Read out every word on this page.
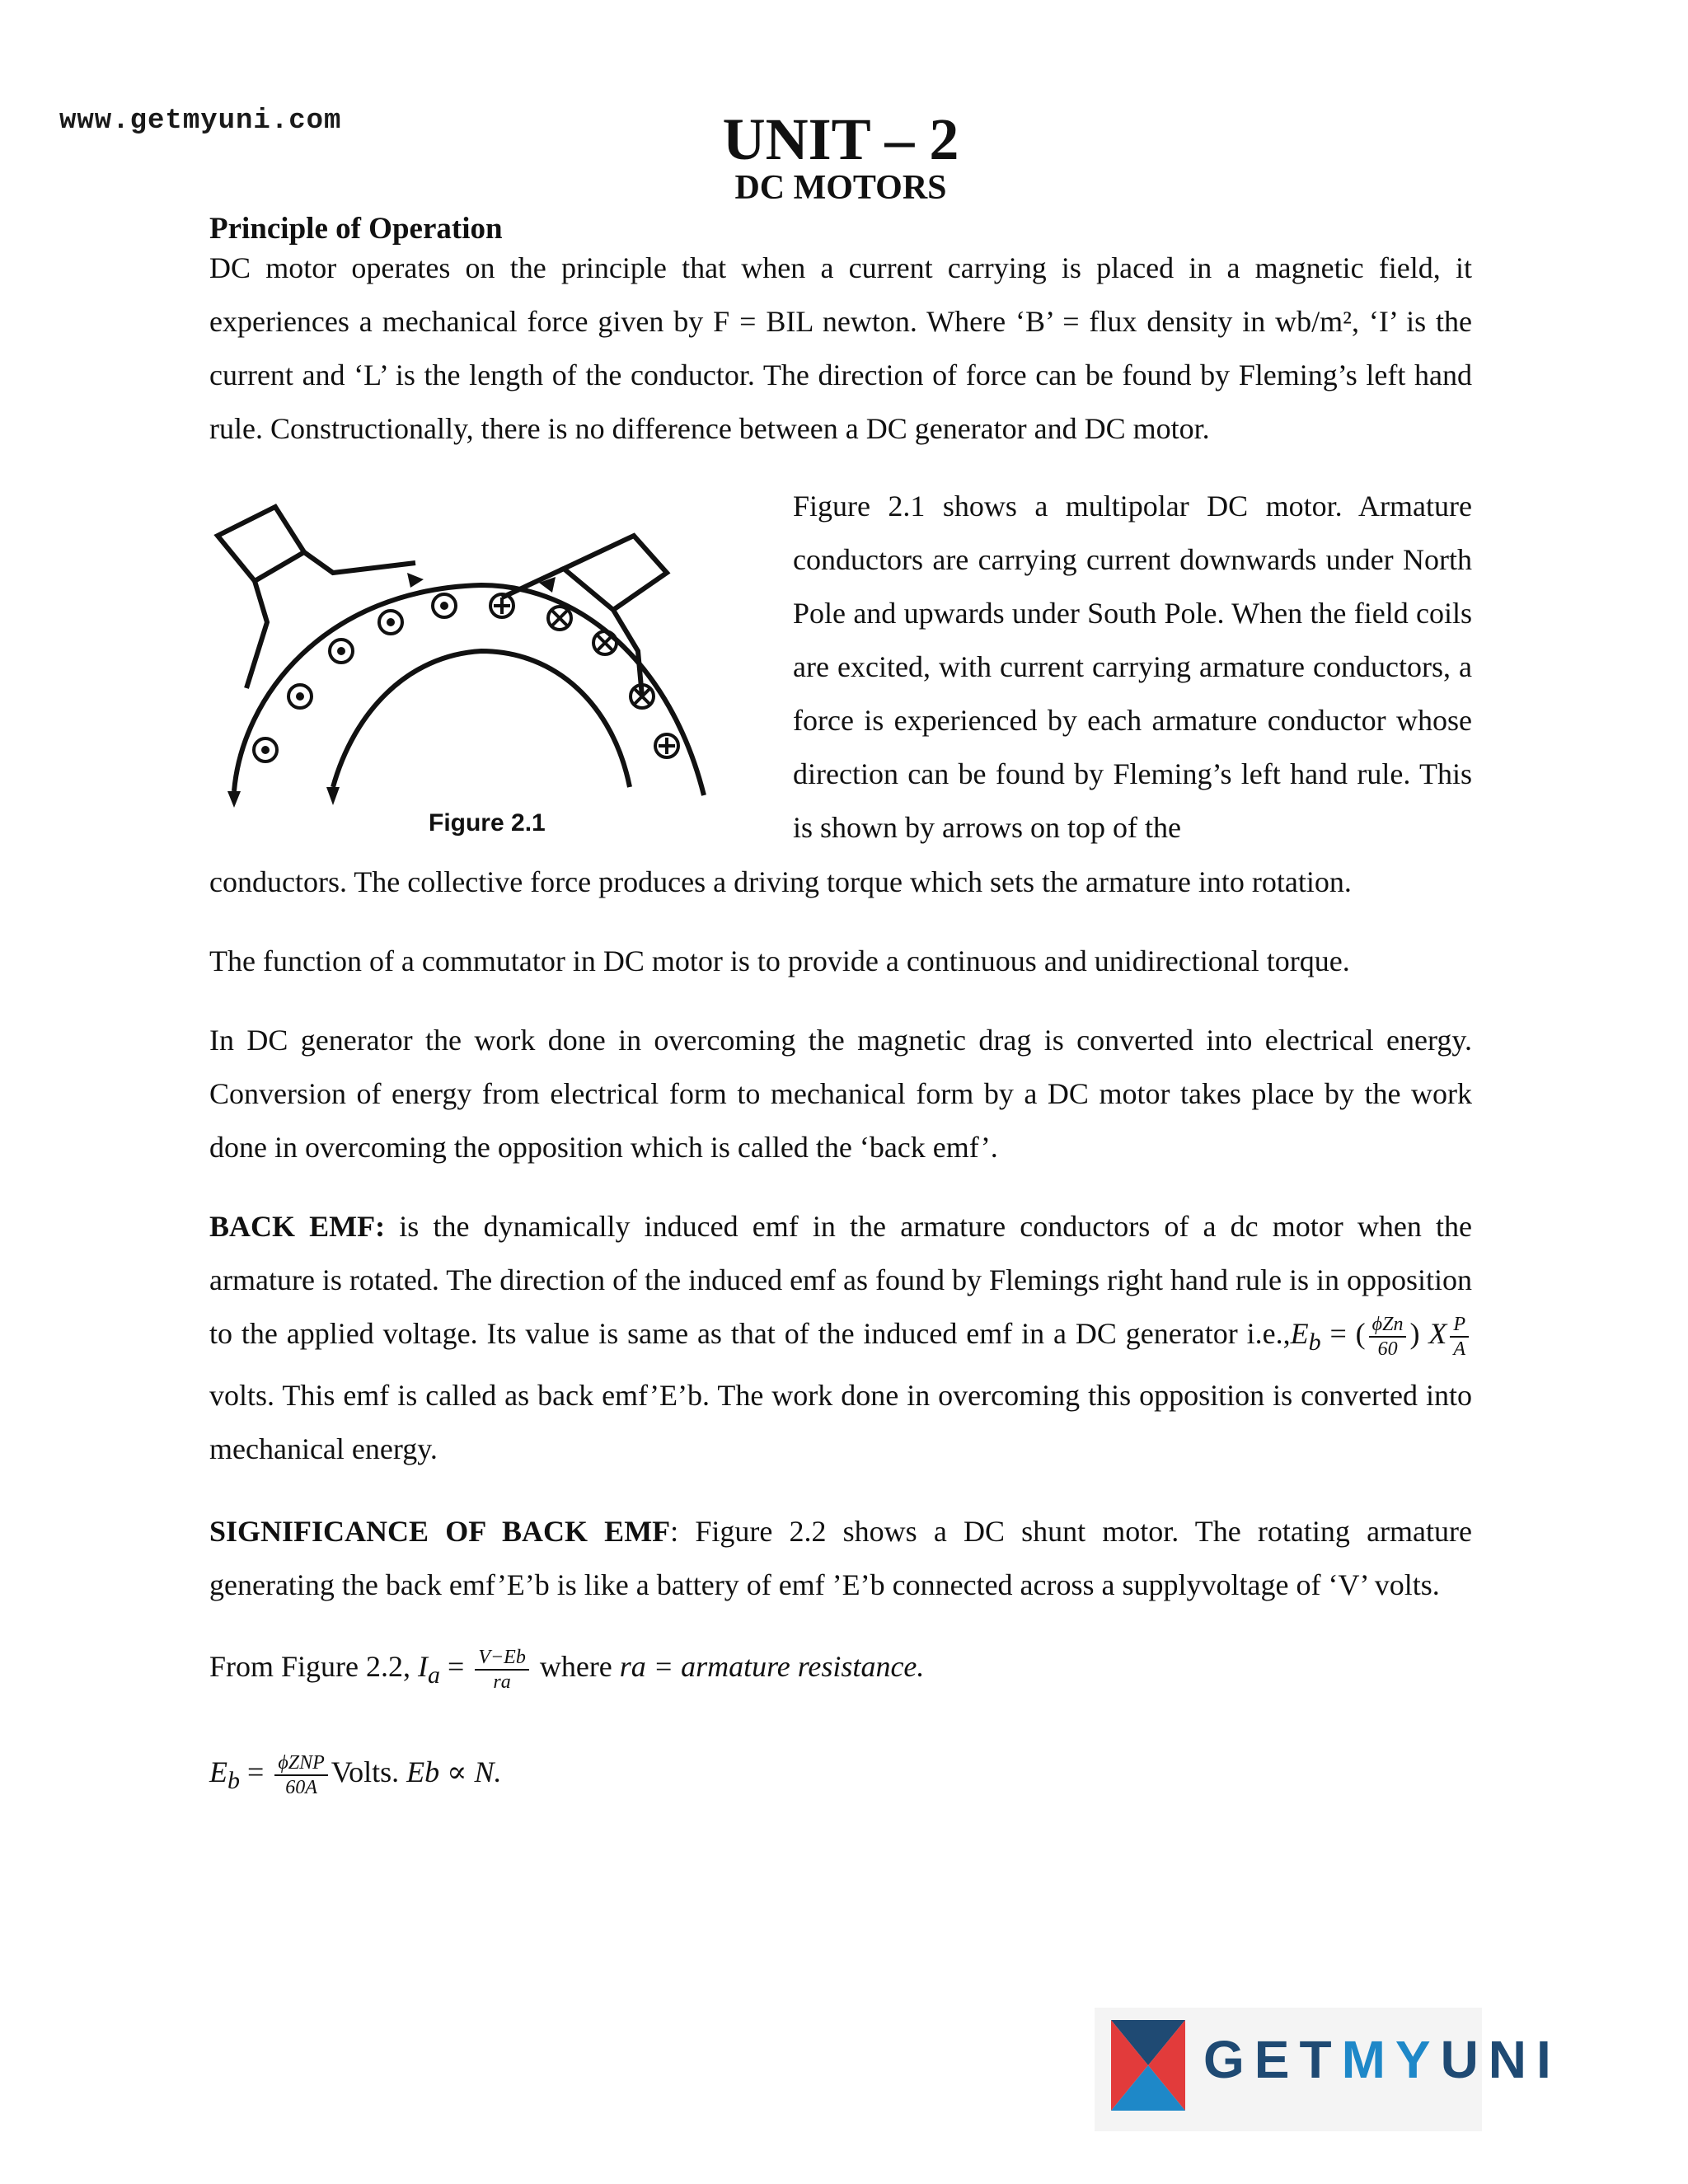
www.getmyuni.com	UNIT – 2
DC MOTORS
Principle of Operation
DC motor operates on the principle that when a current carrying is placed in a magnetic field, it experiences a mechanical force given by F = BIL newton. Where ‘B’ = flux density in wb/m², ‘I’ is the current and ‘L’ is the length of the conductor. The direction of force can be found by Fleming’s left hand rule. Constructionally, there is no difference between a DC generator and DC motor.
Figure 2.1
Figure 2.1 shows a multipolar DC motor. Armature conductors are carrying current downwards under North Pole and upwards under South Pole. When the field coils are excited, with current carrying armature conductors, a force is experienced by each armature conductor whose direction can be found by Fleming’s left hand rule. This is shown by arrows on top of the
conductors. The collective force produces a driving torque which sets the armature into rotation.
The function of a commutator in DC motor is to provide a continuous and unidirectional torque.
In DC generator the work done in overcoming the magnetic drag is converted into electrical energy. Conversion of energy from electrical form to mechanical form by a DC motor takes place by the work done in overcoming the opposition which is called the ‘back emf’.
BACK EMF: is the dynamically induced emf in the armature conductors of a dc motor when the armature is rotated. The direction of the induced emf as found by Flemings right hand rule is in opposition to the applied voltage. Its value is same as that of the induced emf in a DC generator $i.e.,E_b$ = ( $\frac{\text{ϕZn}}{60}$ ) X $\frac{P}{A}$
volts. This emf is called as back emf’E’b. The work done in overcoming this opposition is converted into mechanical energy.
SIGNIFICANCE OF BACK EMF: Figure 2.2 shows a DC shunt motor. The rotating armature generating the back emf’E’b is like a battery of emf ’E’b connected across a supplyvoltage of ‘V’ volts.
From Figure 2.2, $I_a = \frac{V-Eb}{ra}$ where ra = armature resistance.
$E_b = \frac{\text{ϕZNP}}{60A}$ Volts. Eb ∝ N.
GETMYUNI
